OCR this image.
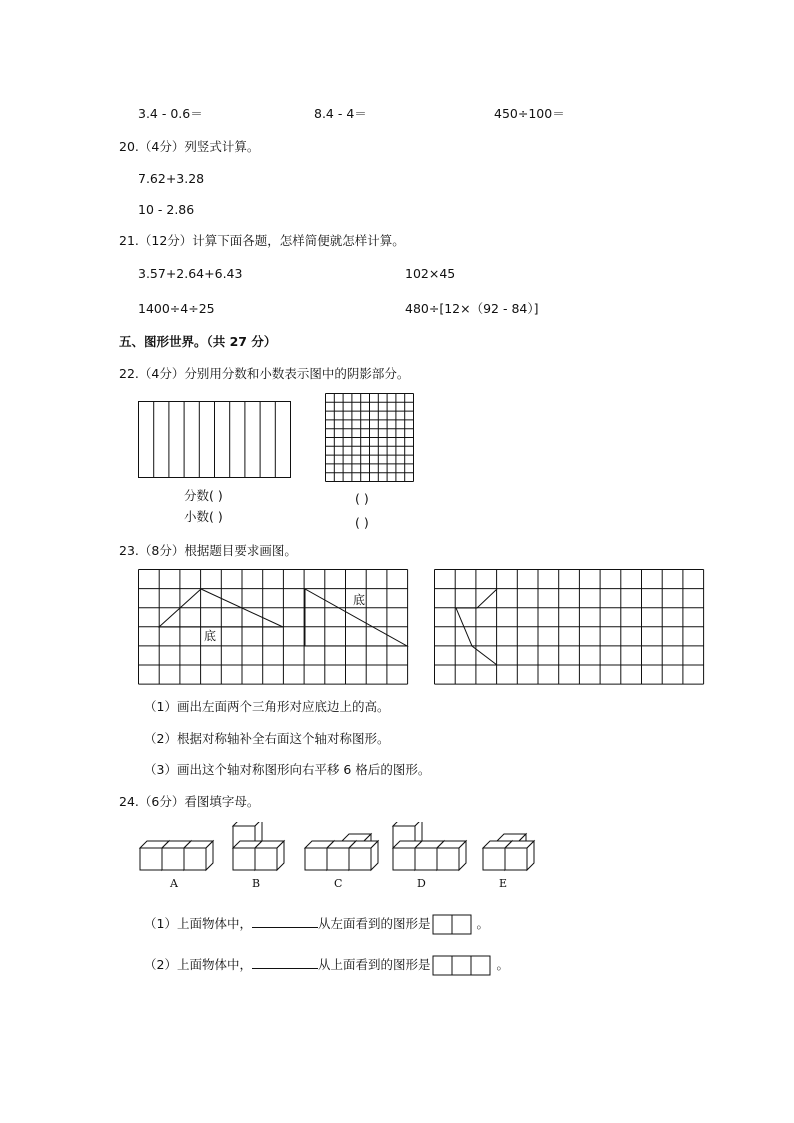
3.4 - 0.6＝	8.4 - 4＝	450÷100＝
20.（4分）列竖式计算。
7.62+3.28
10 - 2.86
21.（12分）计算下面各题，怎样简便就怎样计算。
3.57+2.64+6.43	102×45
1400÷4÷25	480÷[12×（92 - 84）]
五、图形世界。（共 27 分）
22.（4分）分别用分数和小数表示图中的阴影部分。
分数( )
小数( )
( )
( )
23.（8分）根据题目要求画图。
底
底
（1）画出左面两个三角形对应底边上的高。
（2）根据对称轴补全右面这个轴对称图形。
（3）画出这个轴对称图形向右平移 6 格后的图形。
24.（6分）看图填字母。
A	B	C	D	E
（1）上面物体中，	从左面看到的图形是	。
（2）上面物体中，	从上面看到的图形是	。
